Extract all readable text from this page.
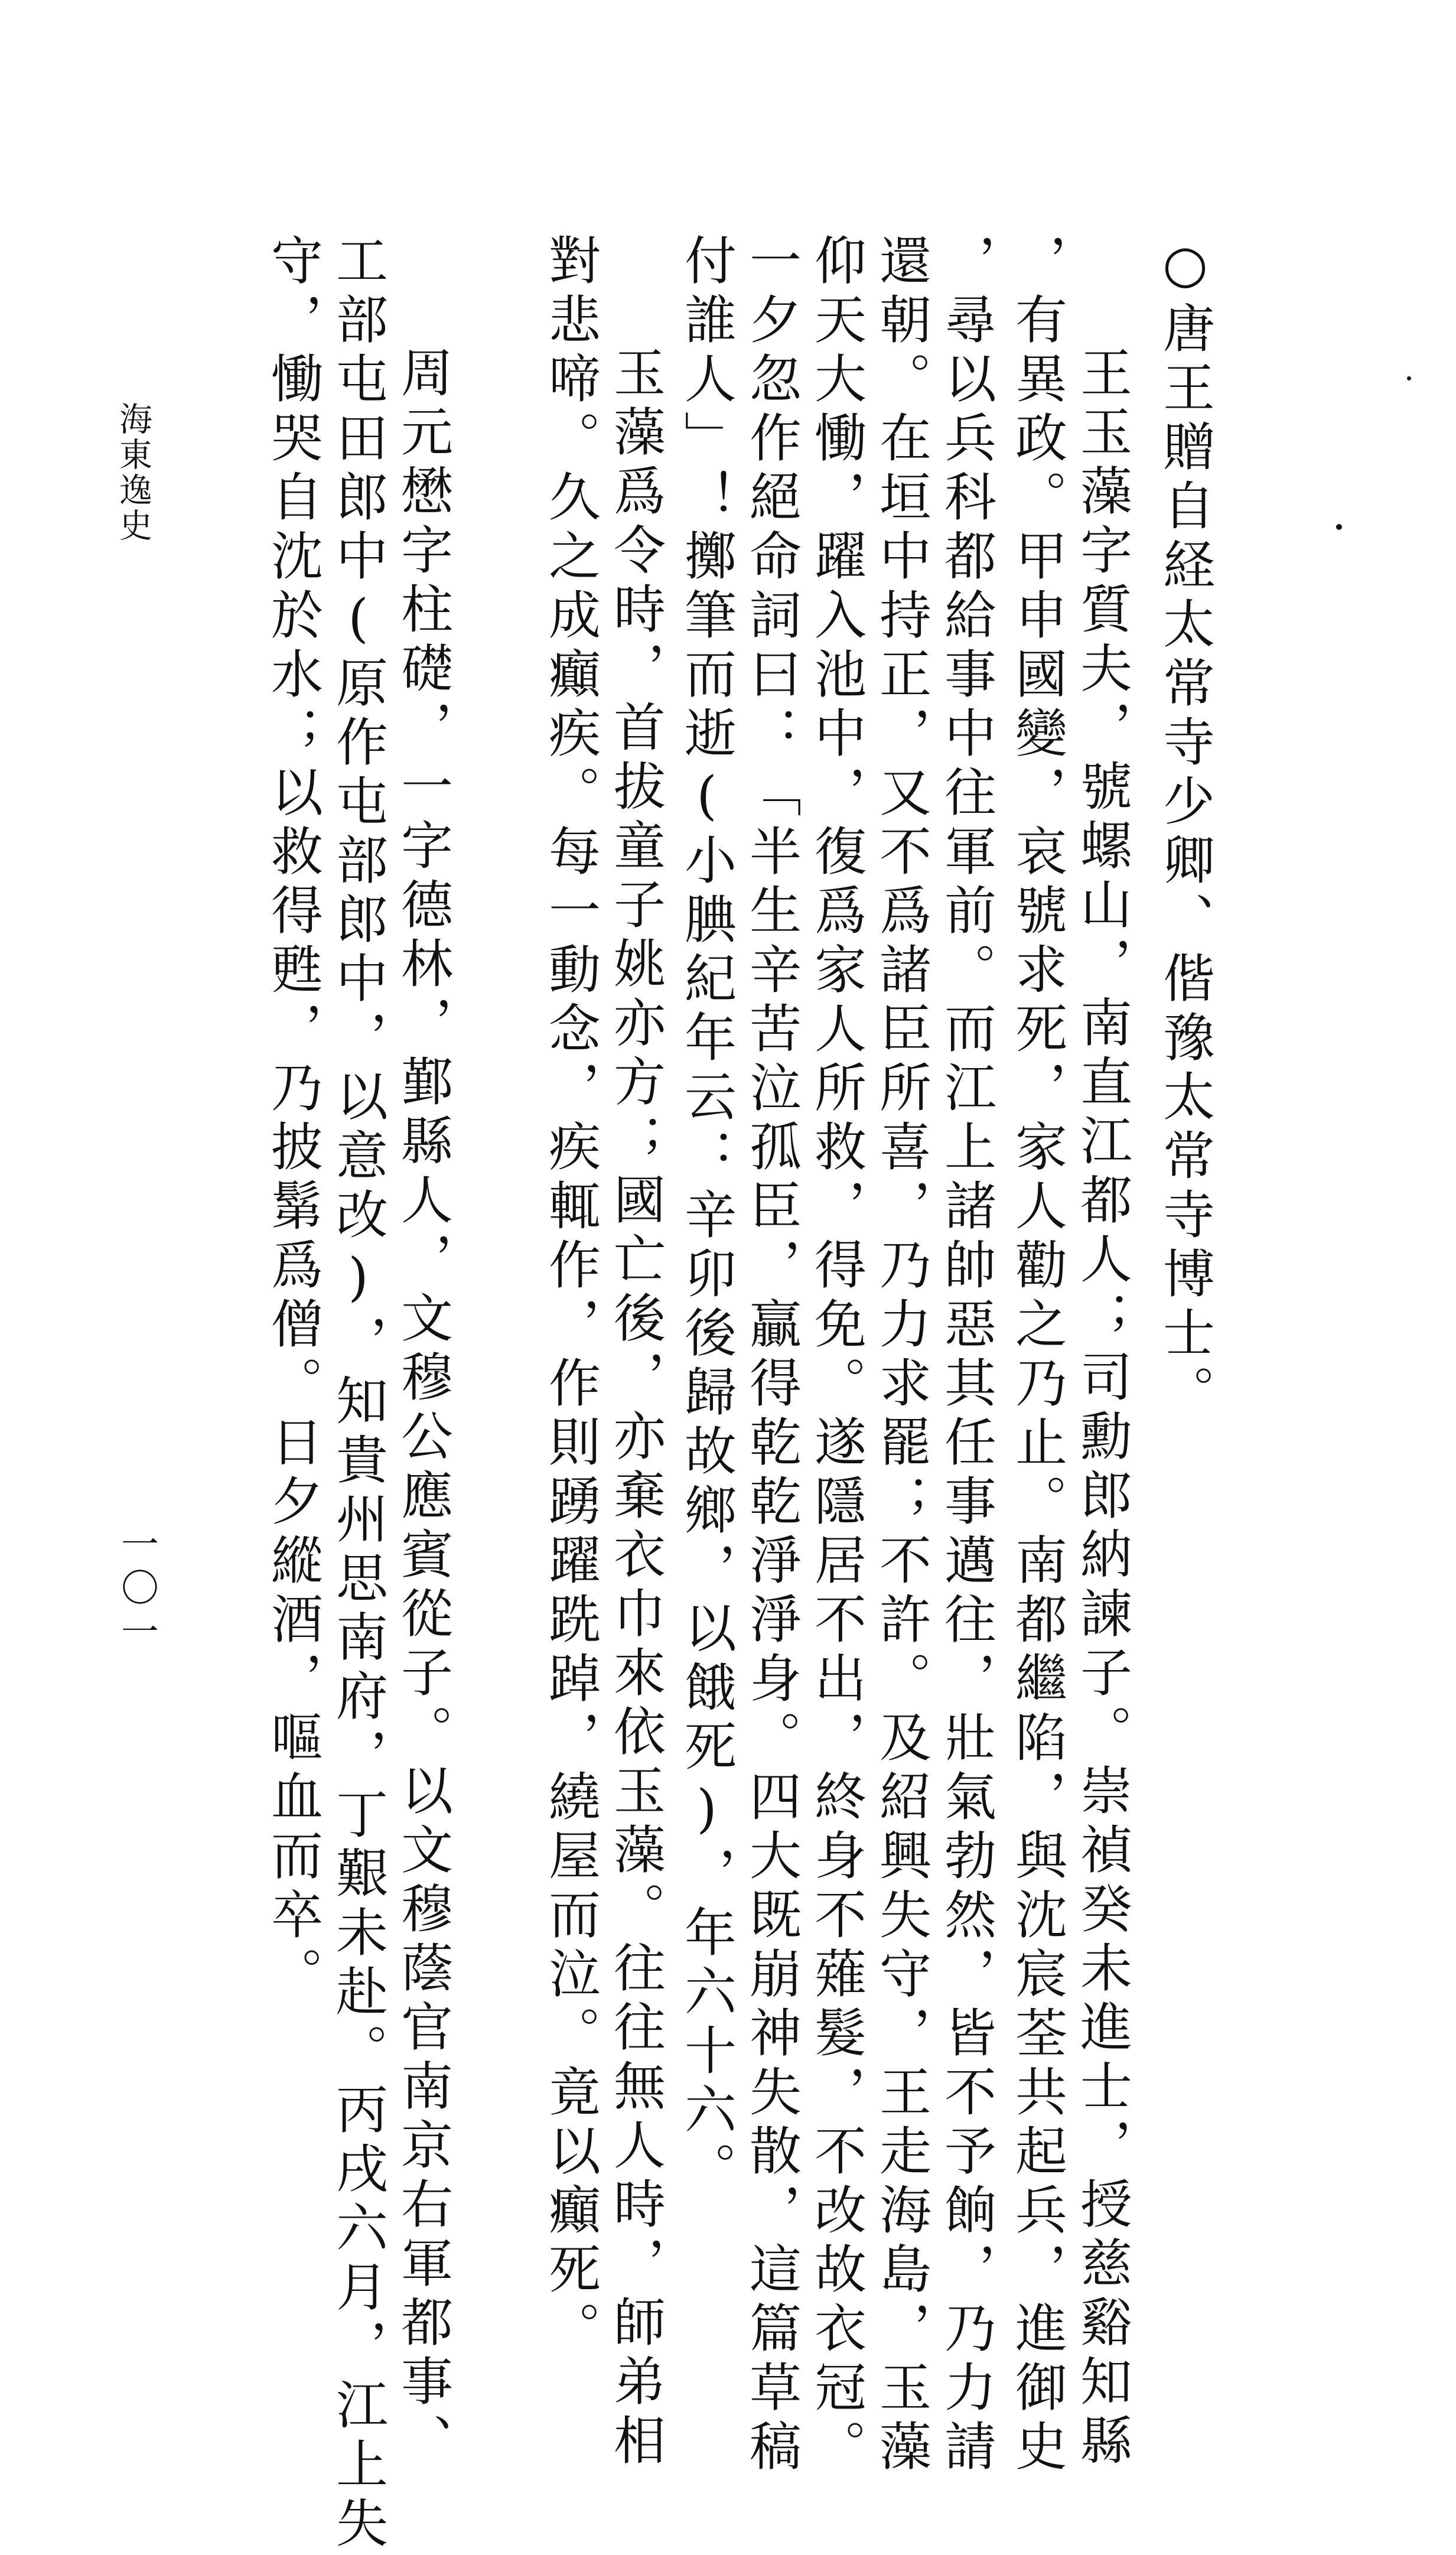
○唐王贈自経太常寺少卿、偕豫太常寺博士。
王玉藻字質夫，號螺山，南直江都人；司勳郎納諫子。崇禎癸未進士，授慈谿知縣
，有異政。甲申國變，哀號求死，家人勸之乃止。南都繼陷，與沈宸荃共起兵，進御史
，尋以兵科都給事中往軍前。而江上諸帥惡其任事邁往，壯氣勃然，皆不予餉，乃力請
還朝。在垣中持正，又不爲諸臣所喜，乃力求罷；不許。及紹興失守，王走海島，玉藻
仰天大慟，躍入池中，復爲家人所救，得免。遂隱居不出，終身不薙髮，不改故衣冠。
一夕忽作絕命詞曰：「半生辛苦泣孤臣，贏得乾乾淨淨身。四大既崩神失散，這篇草稿
付誰人」！擲筆而逝(小腆紀年云：辛卯後歸故鄉，以餓死)，年六十六。
玉藻爲令時，首拔童子姚亦方；國亡後，亦棄衣巾來依玉藻。往往無人時，師弟相
對悲啼。久之成癲疾。每一動念，疾輒作，作則踴躍跣踔，繞屋而泣。竟以癲死。
周元懋字柱礎，一字德林，鄞縣人，文穆公應賓從子。以文穆蔭官南京右軍都事、
工部屯田郎中(原作屯部郎中，以意改)，知貴州思南府，丁艱未赴。丙戌六月，江上失
守，慟哭自沈於水；以救得甦，乃披鬀爲僧。日夕縱酒，嘔血而卒。
海東逸史
一〇一
